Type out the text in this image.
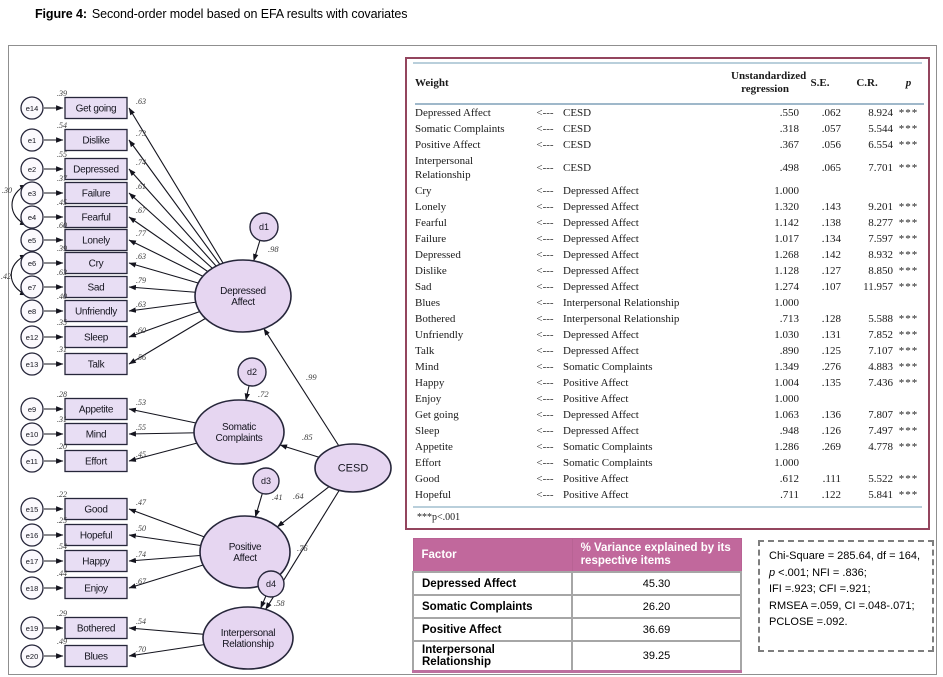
Figure 4: Second-order model based on EFA results with covariates
.30
.42
Get going
e14
.39
.63
Dislike
e1
.54
.73
Depressed
e2
.55
.74
Failure
e3
.37
.61
Fearful
e4
.45
.67
Lonely
e5
.60
.77
Cry
e6
.39
.63
Sad
e7
.63
.79
Unfriendly
e8
.40
.63
Sleep
e12
.35
.60
Talk
e13
.31
.56
Appetite
e9
.28
.53
Mind
e10
.31
.55
Effort
e11
.20
.45
Good
e15
.22
.47
Hopeful
e16
.25
.50
Happy
e17
.54
.74
Enjoy
e18
.44
.67
Bothered
e19
.29
.54
Blues
e20
.49
.70
Depressed
Affect
Somatic
Complaints
Positive
Affect
Interpersonal
Relationship
CESD
d1
.98
d2
.72
d3
.41
d4
.58
.99
.85
.64
.76
Weight			Unstandardized regression	S.E.	C.R.	p
Depressed Affect	<---	CESD	.550	.062	8.924	***
Somatic Complaints	<---	CESD	.318	.057	5.544	***
Positive Affect	<---	CESD	.367	.056	6.554	***
Interpersonal Relationship	<---	CESD	.498	.065	7.701	***
Cry	<---	Depressed Affect	1.000			
Lonely	<---	Depressed Affect	1.320	.143	9.201	***
Fearful	<---	Depressed Affect	1.142	.138	8.277	***
Failure	<---	Depressed Affect	1.017	.134	7.597	***
Depressed	<---	Depressed Affect	1.268	.142	8.932	***
Dislike	<---	Depressed Affect	1.128	.127	8.850	***
Sad	<---	Depressed Affect	1.274	.107	11.957	***
Blues	<---	Interpersonal Relationship	1.000			
Bothered	<---	Interpersonal Relationship	.713	.128	5.588	***
Unfriendly	<---	Depressed Affect	1.030	.131	7.852	***
Talk	<---	Depressed Affect	.890	.125	7.107	***
Mind	<---	Somatic Complaints	1.349	.276	4.883	***
Happy	<---	Positive Affect	1.004	.135	7.436	***
Enjoy	<---	Positive Affect	1.000			
Get going	<---	Depressed Affect	1.063	.136	7.807	***
Sleep	<---	Depressed Affect	.948	.126	7.497	***
Appetite	<---	Somatic Complaints	1.286	.269	4.778	***
Effort	<---	Somatic Complaints	1.000			
Good	<---	Positive Affect	.612	.111	5.522	***
Hopeful	<---	Positive Affect	.711	.122	5.841	***
***p<.001
Factor	% Variance explained by its respective items
Depressed Affect	45.30
Somatic Complaints	26.20
Positive Affect	36.69
Interpersonal Relationship	39.25
Chi-Square = 285.64, df = 164,
p <.001; NFI = .836;
IFI =.923; CFI =.921;
RMSEA =.059, CI =.048-.071;
PCLOSE =.092.
